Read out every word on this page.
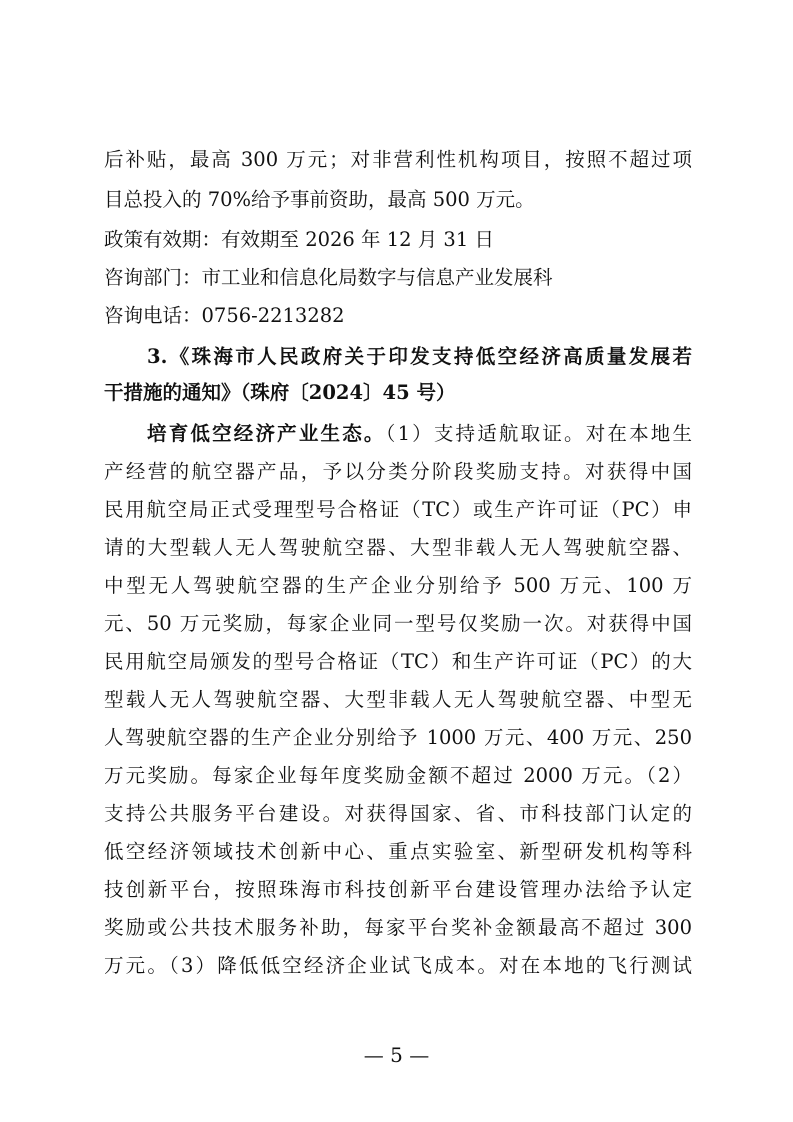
后补贴，最高 300 万元；对非营利性机构项目，按照不超过项
目总投入的 70%给予事前资助，最高 500 万元。
政策有效期：有效期至 2026 年 12 月 31 日
咨询部门：市工业和信息化局数字与信息产业发展科
咨询电话：0756-2213282
3.《珠海市人民政府关于印发支持低空经济高质量发展若
干措施的通知》（珠府〔2024〕45 号）
培育低空经济产业生态。（1）支持适航取证。对在本地生
产经营的航空器产品，予以分类分阶段奖励支持。对获得中国
民用航空局正式受理型号合格证（TC）或生产许可证（PC）申
请的大型载人无人驾驶航空器、大型非载人无人驾驶航空器、
中型无人驾驶航空器的生产企业分别给予 500 万元、100 万
元、50 万元奖励，每家企业同一型号仅奖励一次。对获得中国
民用航空局颁发的型号合格证（TC）和生产许可证（PC）的大
型载人无人驾驶航空器、大型非载人无人驾驶航空器、中型无
人驾驶航空器的生产企业分别给予 1000 万元、400 万元、250
万元奖励。每家企业每年度奖励金额不超过 2000 万元。（2）
支持公共服务平台建设。对获得国家、省、市科技部门认定的
低空经济领域技术创新中心、重点实验室、新型研发机构等科
技创新平台，按照珠海市科技创新平台建设管理办法给予认定
奖励或公共技术服务补助，每家平台奖补金额最高不超过 300
万元。（3）降低低空经济企业试飞成本。对在本地的飞行测试
— 5 —
